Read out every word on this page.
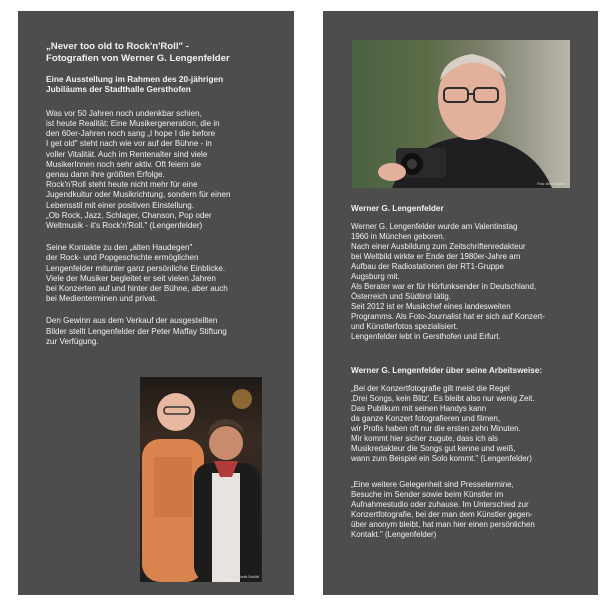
„Never too old to Rock'n'Roll" -
Fotografien von Werner G. Lengenfelder
Eine Ausstellung im Rahmen des 20-jährigen
Jubiläums der Stadthalle Gersthofen
Was vor 50 Jahren noch undenkbar schien,
ist heute Realität: Eine Musikergeneration, die in
den 60er-Jahren noch sang „I hope I die before
I get old" steht nach wie vor auf der Bühne - in
voller Vitalität. Auch im Rentenalter sind viele
MusikerInnen noch sehr aktiv. Oft feiern sie
genau dann ihre größten Erfolge.
Rock'n'Roll steht heute nicht mehr für eine
Jugendkultur oder Musikrichtung, sondern für einen
Lebensstil mit einer positiven Einstellung.
„Ob Rock, Jazz, Schlager, Chanson, Pop oder
Weltmusik - it's Rock'n'Roll." (Lengenfelder)
Seine Kontakte zu den „alten Haudegen"
der Rock- und Popgeschichte ermöglichen
Lengenfelder mitunter ganz persönliche Einblicke.
Viele der Musiker begleitet er seit vielen Jahren
bei Konzerten auf und hinter der Bühne, aber auch
bei Medienterminen und privat.
Den Gewinn aus dem Verkauf der ausgestellten
Bilder stellt Lengenfelder der Peter Maffay Stiftung
zur Verfügung.
Foto: Moritz Schlöft
Foto: Bernd Müller
Werner G. Lengenfelder
Werner G. Lengenfelder wurde am Valentinstag
1960 in München geboren.
Nach einer Ausbildung zum Zeitschriftenredakteur
bei Weltbild wirkte er Ende der 1980er-Jahre am
Aufbau der Radiostationen der RT1-Gruppe
Augsburg mit.
Als Berater war er für Hörfunksender in Deutschland,
Österreich und Südtirol tätig.
Seit 2012 ist er Musikchef eines landesweiten
Programms. Als Foto-Journalist hat er sich auf Konzert-
und Künstlerfotos spezialisiert.
Lengenfelder lebt in Gersthofen und Erfurt.
Werner G. Lengenfelder über seine Arbeitsweise:
„Bei der Konzertfotografie gilt meist die Regel
‚Drei Songs, kein Blitz'. Es bleibt also nur wenig Zeit.
Das Publikum mit seinen Handys kann
da ganze Konzert fotografieren und filmen,
wir Profis haben oft nur die ersten zehn Minuten.
Mir kommt hier sicher zugute, dass ich als
Musikredakteur die Songs gut kenne und weiß,
wann zum Beispiel ein Solo kommt." (Lengenfelder)
„Eine weitere Gelegenheit sind Pressetermine,
Besuche im Sender sowie beim Künstler im
Aufnahmestudio oder zuhause. Im Unterschied zur
Konzertfotografie, bei der man dem Künstler gegen-
über anonym bleibt, hat man hier einen persönlichen
Kontakt." (Lengenfelder)
